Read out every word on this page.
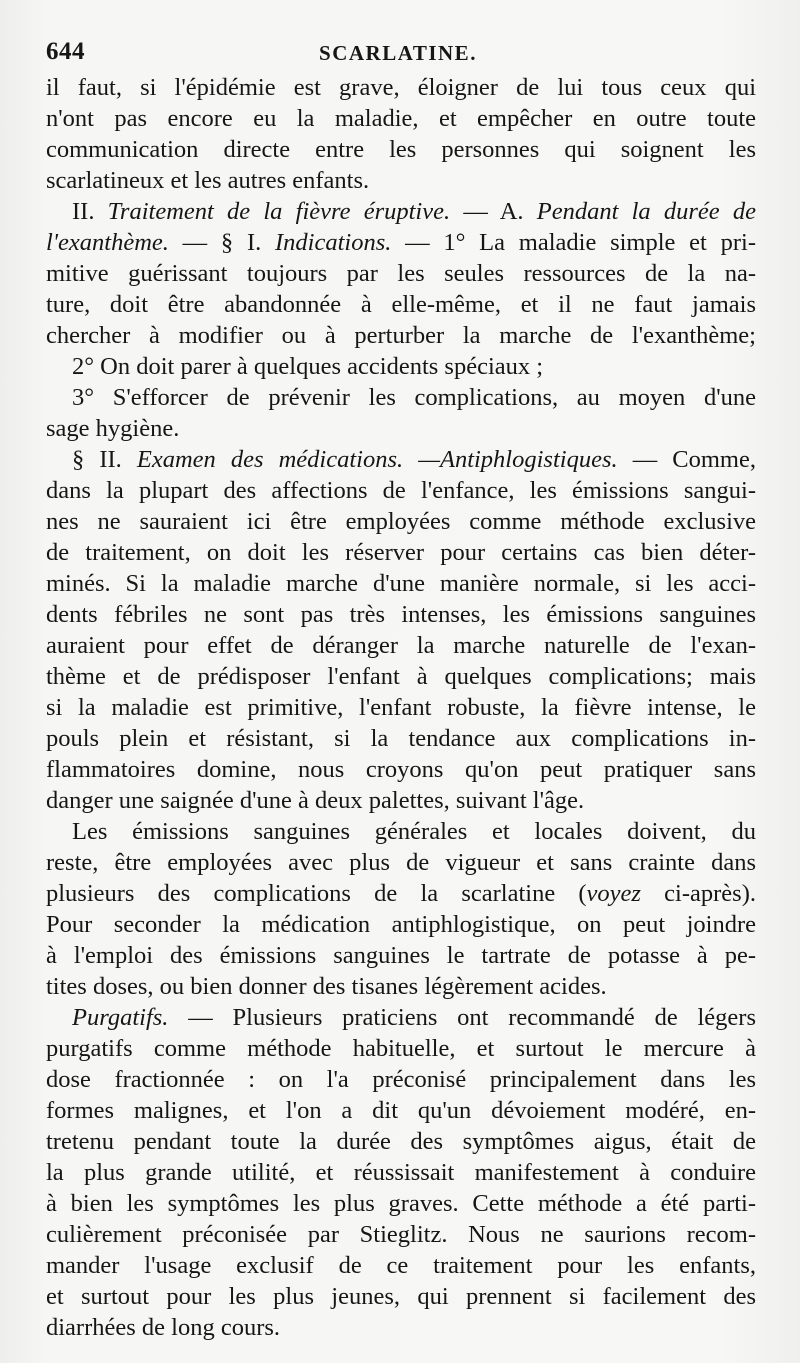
644	SCARLATINE.
il faut, si l'épidémie est grave, éloigner de lui tous ceux qui
n'ont pas encore eu la maladie, et empêcher en outre toute
communication directe entre les personnes qui soignent les
scarlatineux et les autres enfants.
II. Traitement de la fièvre éruptive. — A. Pendant la durée de
l'exanthème. — § I. Indications. — 1° La maladie simple et pri-
mitive guérissant toujours par les seules ressources de la na-
ture, doit être abandonnée à elle-même, et il ne faut jamais
chercher à modifier ou à perturber la marche de l'exanthème;
2° On doit parer à quelques accidents spéciaux ;
3° S'efforcer de prévenir les complications, au moyen d'une
sage hygiène.
§ II. Examen des médications. —Antiphlogistiques. — Comme,
dans la plupart des affections de l'enfance, les émissions sangui-
nes ne sauraient ici être employées comme méthode exclusive
de traitement, on doit les réserver pour certains cas bien déter-
minés. Si la maladie marche d'une manière normale, si les acci-
dents fébriles ne sont pas très intenses, les émissions sanguines
auraient pour effet de déranger la marche naturelle de l'exan-
thème et de prédisposer l'enfant à quelques complications; mais
si la maladie est primitive, l'enfant robuste, la fièvre intense, le
pouls plein et résistant, si la tendance aux complications in-
flammatoires domine, nous croyons qu'on peut pratiquer sans
danger une saignée d'une à deux palettes, suivant l'âge.
Les émissions sanguines générales et locales doivent, du
reste, être employées avec plus de vigueur et sans crainte dans
plusieurs des complications de la scarlatine (voyez ci-après).
Pour seconder la médication antiphlogistique, on peut joindre
à l'emploi des émissions sanguines le tartrate de potasse à pe-
tites doses, ou bien donner des tisanes légèrement acides.
Purgatifs. — Plusieurs praticiens ont recommandé de légers
purgatifs comme méthode habituelle, et surtout le mercure à
dose fractionnée : on l'a préconisé principalement dans les
formes malignes, et l'on a dit qu'un dévoiement modéré, en-
tretenu pendant toute la durée des symptômes aigus, était de
la plus grande utilité, et réussissait manifestement à conduire
à bien les symptômes les plus graves. Cette méthode a été parti-
culièrement préconisée par Stieglitz. Nous ne saurions recom-
mander l'usage exclusif de ce traitement pour les enfants,
et surtout pour les plus jeunes, qui prennent si facilement des
diarrhées de long cours.
